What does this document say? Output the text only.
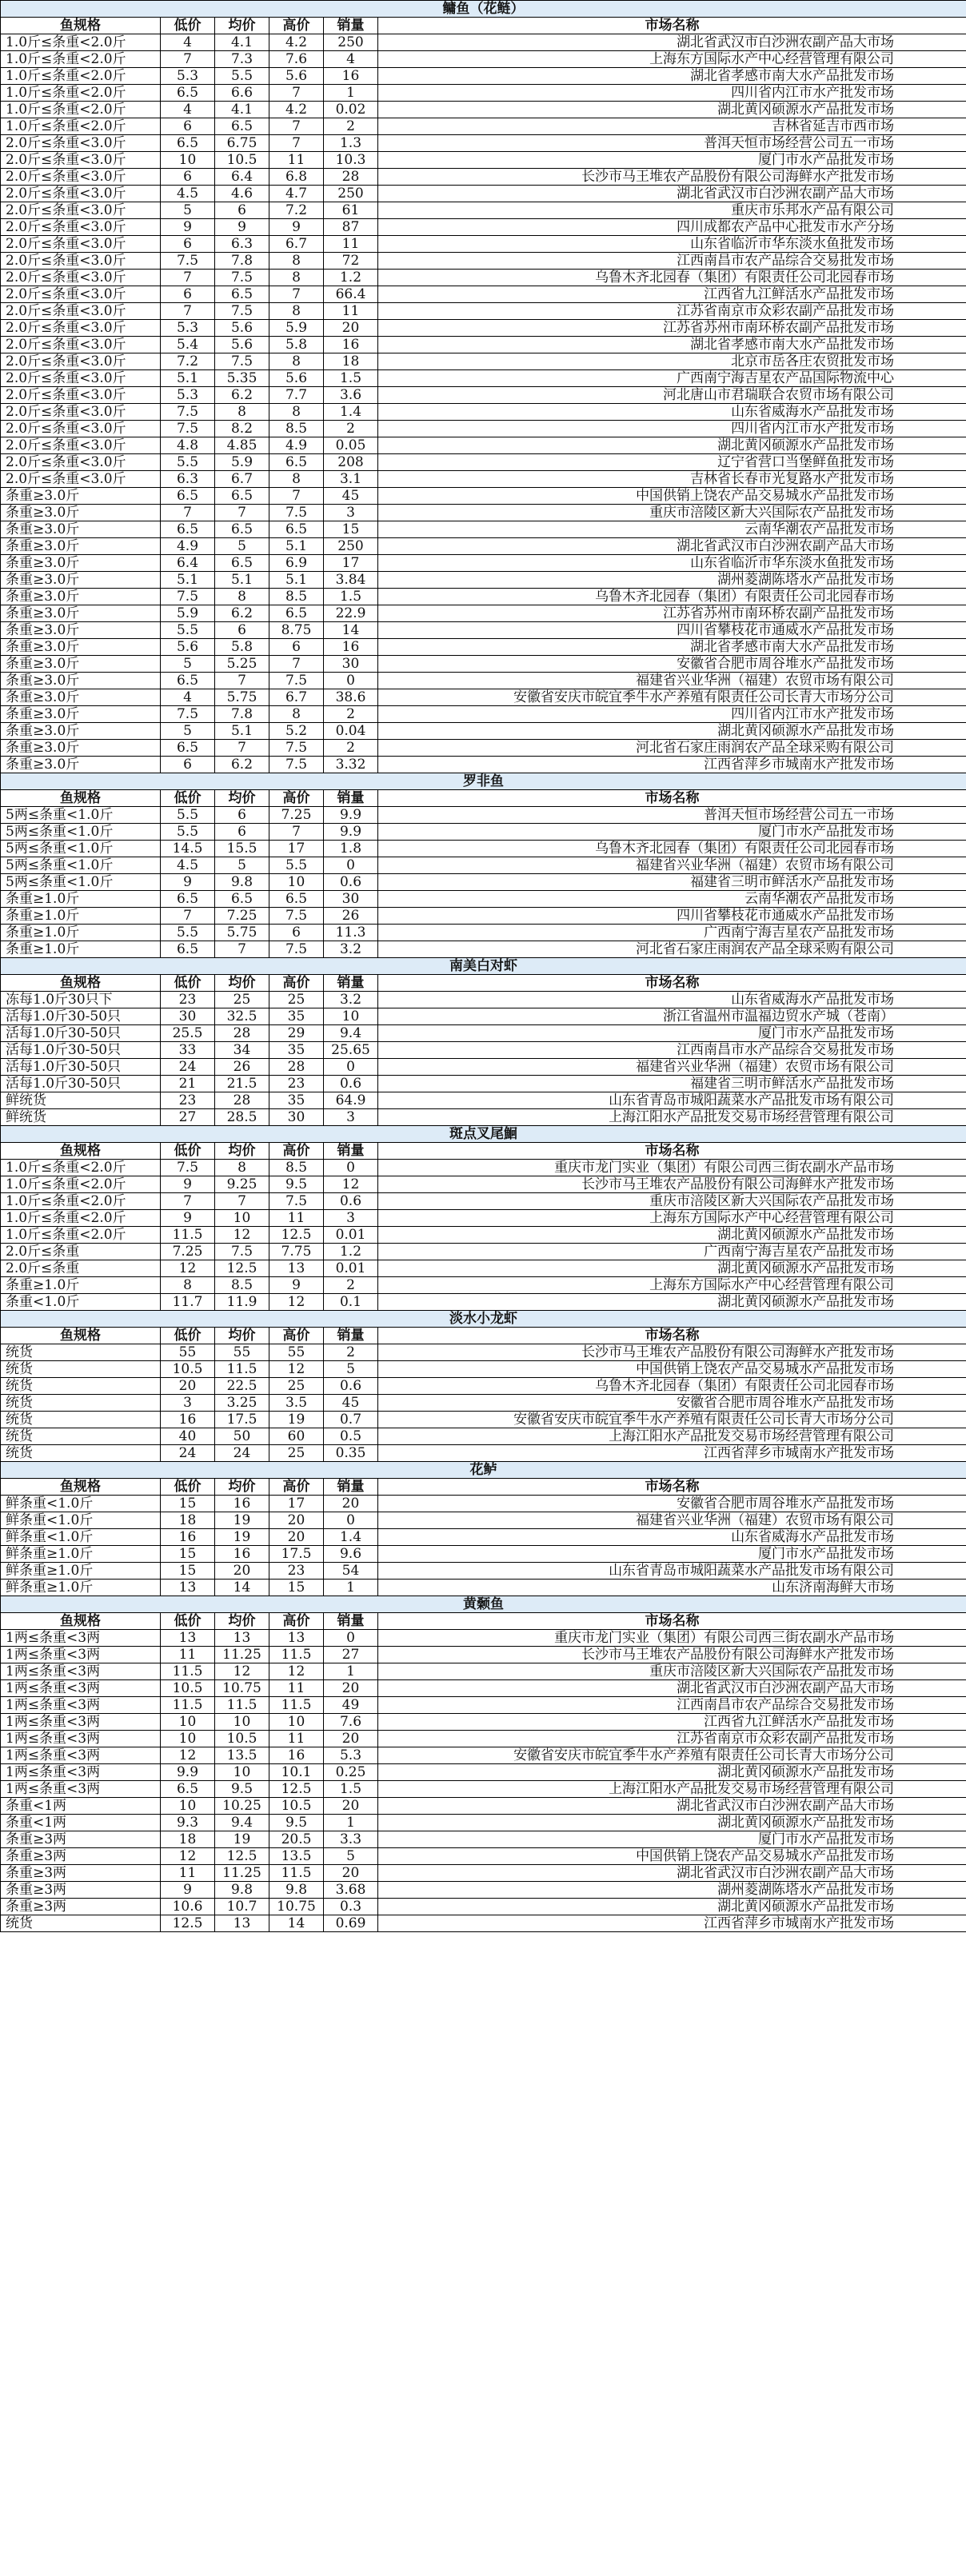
鳙鱼（花鲢）					
鱼规格	低价	均价	高价	销量	市场名称
1.0斤≤条重<2.0斤	4	4.1	4.2	250	湖北省武汉市白沙洲农副产品大市场
1.0斤≤条重<2.0斤	7	7.3	7.6	4	上海东方国际水产中心经营管理有限公司
1.0斤≤条重<2.0斤	5.3	5.5	5.6	16	湖北省孝感市南大水产品批发市场
1.0斤≤条重<2.0斤	6.5	6.6	7	1	四川省内江市水产批发市场
1.0斤≤条重<2.0斤	4	4.1	4.2	0.02	湖北黄冈硕源水产品批发市场
1.0斤≤条重<2.0斤	6	6.5	7	2	吉林省延吉市西市场
2.0斤≤条重<3.0斤	6.5	6.75	7	1.3	普洱天恒市场经营公司五一市场
2.0斤≤条重<3.0斤	10	10.5	11	10.3	厦门市水产品批发市场
2.0斤≤条重<3.0斤	6	6.4	6.8	28	长沙市马王堆农产品股份有限公司海鲜水产批发市场
2.0斤≤条重<3.0斤	4.5	4.6	4.7	250	湖北省武汉市白沙洲农副产品大市场
2.0斤≤条重<3.0斤	5	6	7.2	61	重庆市乐邦水产品有限公司
2.0斤≤条重<3.0斤	9	9	9	87	四川成都农产品中心批发市水产分场
2.0斤≤条重<3.0斤	6	6.3	6.7	11	山东省临沂市华东淡水鱼批发市场
2.0斤≤条重<3.0斤	7.5	7.8	8	72	江西南昌市农产品综合交易批发市场
2.0斤≤条重<3.0斤	7	7.5	8	1.2	乌鲁木齐北园春（集团）有限责任公司北园春市场
2.0斤≤条重<3.0斤	6	6.5	7	66.4	江西省九江鲜活水产品批发市场
2.0斤≤条重<3.0斤	7	7.5	8	11	江苏省南京市众彩农副产品批发市场
2.0斤≤条重<3.0斤	5.3	5.6	5.9	20	江苏省苏州市南环桥农副产品批发市场
2.0斤≤条重<3.0斤	5.4	5.6	5.8	16	湖北省孝感市南大水产品批发市场
2.0斤≤条重<3.0斤	7.2	7.5	8	18	北京市岳各庄农贸批发市场
2.0斤≤条重<3.0斤	5.1	5.35	5.6	1.5	广西南宁海吉星农产品国际物流中心
2.0斤≤条重<3.0斤	5.3	6.2	7.7	3.6	河北唐山市君瑞联合农贸市场有限公司
2.0斤≤条重<3.0斤	7.5	8	8	1.4	山东省威海水产品批发市场
2.0斤≤条重<3.0斤	7.5	8.2	8.5	2	四川省内江市水产批发市场
2.0斤≤条重<3.0斤	4.8	4.85	4.9	0.05	湖北黄冈硕源水产品批发市场
2.0斤≤条重<3.0斤	5.5	5.9	6.5	208	辽宁省营口当堡鲜鱼批发市场
2.0斤≤条重<3.0斤	6.3	6.7	8	3.1	吉林省长春市光复路水产批发市场
条重≥3.0斤	6.5	6.5	7	45	中国供销上饶农产品交易城水产品批发市场
条重≥3.0斤	7	7	7.5	3	重庆市涪陵区新大兴国际农产品批发市场
条重≥3.0斤	6.5	6.5	6.5	15	云南华潮农产品批发市场
条重≥3.0斤	4.9	5	5.1	250	湖北省武汉市白沙洲农副产品大市场
条重≥3.0斤	6.4	6.5	6.9	17	山东省临沂市华东淡水鱼批发市场
条重≥3.0斤	5.1	5.1	5.1	3.84	湖州菱湖陈塔水产品批发市场
条重≥3.0斤	7.5	8	8.5	1.5	乌鲁木齐北园春（集团）有限责任公司北园春市场
条重≥3.0斤	5.9	6.2	6.5	22.9	江苏省苏州市南环桥农副产品批发市场
条重≥3.0斤	5.5	6	8.75	14	四川省攀枝花市通威水产品批发市场
条重≥3.0斤	5.6	5.8	6	16	湖北省孝感市南大水产品批发市场
条重≥3.0斤	5	5.25	7	30	安徽省合肥市周谷堆水产品批发市场
条重≥3.0斤	6.5	7	7.5	0	福建省兴业华洲（福建）农贸市场有限公司
条重≥3.0斤	4	5.75	6.7	38.6	安徽省安庆市皖宜季牛水产养殖有限责任公司长青大市场分公司
条重≥3.0斤	7.5	7.8	8	2	四川省内江市水产批发市场
条重≥3.0斤	5	5.1	5.2	0.04	湖北黄冈硕源水产品批发市场
条重≥3.0斤	6.5	7	7.5	2	河北省石家庄雨润农产品全球采购有限公司
条重≥3.0斤	6	6.2	7.5	3.32	江西省萍乡市城南水产批发市场
罗非鱼					
鱼规格	低价	均价	高价	销量	市场名称
5两≤条重<1.0斤	5.5	6	7.25	9.9	普洱天恒市场经营公司五一市场
5两≤条重<1.0斤	5.5	6	7	9.9	厦门市水产品批发市场
5两≤条重<1.0斤	14.5	15.5	17	1.8	乌鲁木齐北园春（集团）有限责任公司北园春市场
5两≤条重<1.0斤	4.5	5	5.5	0	福建省兴业华洲（福建）农贸市场有限公司
5两≤条重<1.0斤	9	9.8	10	0.6	福建省三明市鲜活水产品批发市场
条重≥1.0斤	6.5	6.5	6.5	30	云南华潮农产品批发市场
条重≥1.0斤	7	7.25	7.5	26	四川省攀枝花市通威水产品批发市场
条重≥1.0斤	5.5	5.75	6	11.3	广西南宁海吉星农产品批发市场
条重≥1.0斤	6.5	7	7.5	3.2	河北省石家庄雨润农产品全球采购有限公司
南美白对虾					
鱼规格	低价	均价	高价	销量	市场名称
冻每1.0斤30只下	23	25	25	3.2	山东省威海水产品批发市场
活每1.0斤30-50只	30	32.5	35	10	浙江省温州市温福边贸水产城（苍南）
活每1.0斤30-50只	25.5	28	29	9.4	厦门市水产品批发市场
活每1.0斤30-50只	33	34	35	25.65	江西南昌市水产品综合交易批发市场
活每1.0斤30-50只	24	26	28	0	福建省兴业华洲（福建）农贸市场有限公司
活每1.0斤30-50只	21	21.5	23	0.6	福建省三明市鲜活水产品批发市场
鲜统货	23	28	35	64.9	山东省青岛市城阳蔬菜水产品批发市场有限公司
鲜统货	27	28.5	30	3	上海江阳水产品批发交易市场经营管理有限公司
斑点叉尾鮰					
鱼规格	低价	均价	高价	销量	市场名称
1.0斤≤条重<2.0斤	7.5	8	8.5	0	重庆市龙门实业（集团）有限公司西三街农副水产品市场
1.0斤≤条重<2.0斤	9	9.25	9.5	12	长沙市马王堆农产品股份有限公司海鲜水产批发市场
1.0斤≤条重<2.0斤	7	7	7.5	0.6	重庆市涪陵区新大兴国际农产品批发市场
1.0斤≤条重<2.0斤	9	10	11	3	上海东方国际水产中心经营管理有限公司
1.0斤≤条重<2.0斤	11.5	12	12.5	0.01	湖北黄冈硕源水产品批发市场
2.0斤≤条重	7.25	7.5	7.75	1.2	广西南宁海吉星农产品批发市场
2.0斤≤条重	12	12.5	13	0.01	湖北黄冈硕源水产品批发市场
条重≥1.0斤	8	8.5	9	2	上海东方国际水产中心经营管理有限公司
条重<1.0斤	11.7	11.9	12	0.1	湖北黄冈硕源水产品批发市场
淡水小龙虾					
鱼规格	低价	均价	高价	销量	市场名称
统货	55	55	55	2	长沙市马王堆农产品股份有限公司海鲜水产批发市场
统货	10.5	11.5	12	5	中国供销上饶农产品交易城水产品批发市场
统货	20	22.5	25	0.6	乌鲁木齐北园春（集团）有限责任公司北园春市场
统货	3	3.25	3.5	45	安徽省合肥市周谷堆水产品批发市场
统货	16	17.5	19	0.7	安徽省安庆市皖宜季牛水产养殖有限责任公司长青大市场分公司
统货	40	50	60	0.5	上海江阳水产品批发交易市场经营管理有限公司
统货	24	24	25	0.35	江西省萍乡市城南水产批发市场
花鲈					
鱼规格	低价	均价	高价	销量	市场名称
鲜条重<1.0斤	15	16	17	20	安徽省合肥市周谷堆水产品批发市场
鲜条重<1.0斤	18	19	20	0	福建省兴业华洲（福建）农贸市场有限公司
鲜条重<1.0斤	16	19	20	1.4	山东省威海水产品批发市场
鲜条重≥1.0斤	15	16	17.5	9.6	厦门市水产品批发市场
鲜条重≥1.0斤	15	20	23	54	山东省青岛市城阳蔬菜水产品批发市场有限公司
鲜条重≥1.0斤	13	14	15	1	山东济南海鲜大市场
黄颡鱼					
鱼规格	低价	均价	高价	销量	市场名称
1两≤条重<3两	13	13	13	0	重庆市龙门实业（集团）有限公司西三街农副水产品市场
1两≤条重<3两	11	11.25	11.5	27	长沙市马王堆农产品股份有限公司海鲜水产批发市场
1两≤条重<3两	11.5	12	12	1	重庆市涪陵区新大兴国际农产品批发市场
1两≤条重<3两	10.5	10.75	11	20	湖北省武汉市白沙洲农副产品大市场
1两≤条重<3两	11.5	11.5	11.5	49	江西南昌市农产品综合交易批发市场
1两≤条重<3两	10	10	10	7.6	江西省九江鲜活水产品批发市场
1两≤条重<3两	10	10.5	11	20	江苏省南京市众彩农副产品批发市场
1两≤条重<3两	12	13.5	16	5.3	安徽省安庆市皖宜季牛水产养殖有限责任公司长青大市场分公司
1两≤条重<3两	9.9	10	10.1	0.25	湖北黄冈硕源水产品批发市场
1两≤条重<3两	6.5	9.5	12.5	1.5	上海江阳水产品批发交易市场经营管理有限公司
条重<1两	10	10.25	10.5	20	湖北省武汉市白沙洲农副产品大市场
条重<1两	9.3	9.4	9.5	1	湖北黄冈硕源水产品批发市场
条重≥3两	18	19	20.5	3.3	厦门市水产品批发市场
条重≥3两	12	12.5	13.5	5	中国供销上饶农产品交易城水产品批发市场
条重≥3两	11	11.25	11.5	20	湖北省武汉市白沙洲农副产品大市场
条重≥3两	9	9.8	9.8	3.68	湖州菱湖陈塔水产品批发市场
条重≥3两	10.6	10.7	10.75	0.3	湖北黄冈硕源水产品批发市场
统货	12.5	13	14	0.69	江西省萍乡市城南水产批发市场
